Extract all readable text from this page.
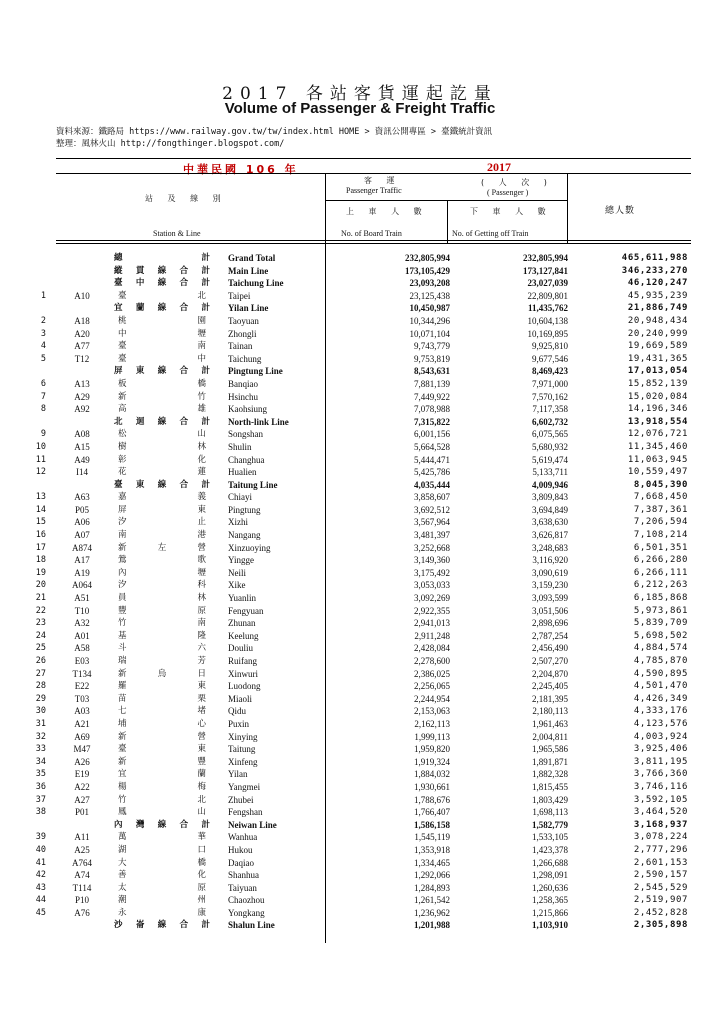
2017 各站客貨運起訖量
Volume of Passenger & Freight Traffic
資料來源：鐵路局 https://www.railway.gov.tw/tw/index.html HOME > 資訊公開專區 > 臺鐵統計資訊
整理：風林火山 http://fongthinger.blogspot.com/
中華民國 106 年	2017
站 及 線 別
Station & Line
客 運
Passenger Traffic
( 人 次 )
( Passenger )
上 車 人 數	下 車 人 數	總人數
No. of Board Train	No. of Getting off Train
總	計 Grand Total	232,805,994	232,805,994	465,611,988
縱 貫 線 合 計 Main Line	173,105,429	173,127,841	346,233,270
臺 中 線 合 計 Taichung Line	23,093,208	23,027,039	46,120,247
1	A10	臺	北 Taipei	23,125,438	22,809,801	45,935,239
宜 蘭 線 合 計 Yilan Line	10,450,987	11,435,762	21,886,749
2	A18	桃	園 Taoyuan	10,344,296	10,604,138	20,948,434
3	A20	中	壢 Zhongli	10,071,104	10,169,895	20,240,999
4	A77	臺	南 Tainan	9,743,779	9,925,810	19,669,589
5	T12	臺	中 Taichung	9,753,819	9,677,546	19,431,365
屏 東 線 合 計 Pingtung Line	8,543,631	8,469,423	17,013,054
6	A13	板	橋 Banqiao	7,881,139	7,971,000	15,852,139
7	A29	新	竹 Hsinchu	7,449,922	7,570,162	15,020,084
8	A92	高	雄 Kaohsiung	7,078,988	7,117,358	14,196,346
北 迴 線 合 計 North-link Line	7,315,822	6,602,732	13,918,554
9	A08	松	山 Songshan	6,001,156	6,075,565	12,076,721
10	A15	樹	林 Shulin	5,664,528	5,680,932	11,345,460
11	A49	彰	化 Changhua	5,444,471	5,619,474	11,063,945
12	I14	花	蓮 Hualien	5,425,786	5,133,711	10,559,497
臺 東 線 合 計 Taitung Line	4,035,444	4,009,946	8,045,390
13	A63	嘉	義 Chiayi	3,858,607	3,809,843	7,668,450
14	P05	屏	東 Pingtung	3,692,512	3,694,849	7,387,361
15	A06	汐	止 Xizhi	3,567,964	3,638,630	7,206,594
16	A07	南	港 Nangang	3,481,397	3,626,817	7,108,214
17	A874	新	左	營 Xinzuoying	3,252,668	3,248,683	6,501,351
18	A17	鶯	歌 Yingge	3,149,360	3,116,920	6,266,280
19	A19	內	壢 Neili	3,175,492	3,090,619	6,266,111
20	A064	汐	科 Xike	3,053,033	3,159,230	6,212,263
21	A51	員	林 Yuanlin	3,092,269	3,093,599	6,185,868
22	T10	豐	原 Fengyuan	2,922,355	3,051,506	5,973,861
23	A32	竹	南 Zhunan	2,941,013	2,898,696	5,839,709
24	A01	基	隆 Keelung	2,911,248	2,787,254	5,698,502
25	A58	斗	六 Douliu	2,428,084	2,456,490	4,884,574
26	E03	瑞	芳 Ruifang	2,278,600	2,507,270	4,785,870
27	T134	新	烏	日 Xinwuri	2,386,025	2,204,870	4,590,895
28	E22	羅	東 Luodong	2,256,065	2,245,405	4,501,470
29	T03	苗	栗 Miaoli	2,244,954	2,181,395	4,426,349
30	A03	七	堵 Qidu	2,153,063	2,180,113	4,333,176
31	A21	埔	心 Puxin	2,162,113	1,961,463	4,123,576
32	A69	新	營 Xinying	1,999,113	2,004,811	4,003,924
33	M47	臺	東 Taitung	1,959,820	1,965,586	3,925,406
34	A26	新	豐 Xinfeng	1,919,324	1,891,871	3,811,195
35	E19	宜	蘭 Yilan	1,884,032	1,882,328	3,766,360
36	A22	楊	梅 Yangmei	1,930,661	1,815,455	3,746,116
37	A27	竹	北 Zhubei	1,788,676	1,803,429	3,592,105
38	P01	鳳	山 Fengshan	1,766,407	1,698,113	3,464,520
內 灣 線 合 計 Neiwan Line	1,586,158	1,582,779	3,168,937
39	A11	萬	華 Wanhua	1,545,119	1,533,105	3,078,224
40	A25	湖	口 Hukou	1,353,918	1,423,378	2,777,296
41	A764	大	橋 Daqiao	1,334,465	1,266,688	2,601,153
42	A74	善	化 Shanhua	1,292,066	1,298,091	2,590,157
43	T114	太	原 Taiyuan	1,284,893	1,260,636	2,545,529
44	P10	潮	州 Chaozhou	1,261,542	1,258,365	2,519,907
45	A76	永	康 Yongkang	1,236,962	1,215,866	2,452,828
沙 崙 線 合 計 Shalun Line	1,201,988	1,103,910	2,305,898
